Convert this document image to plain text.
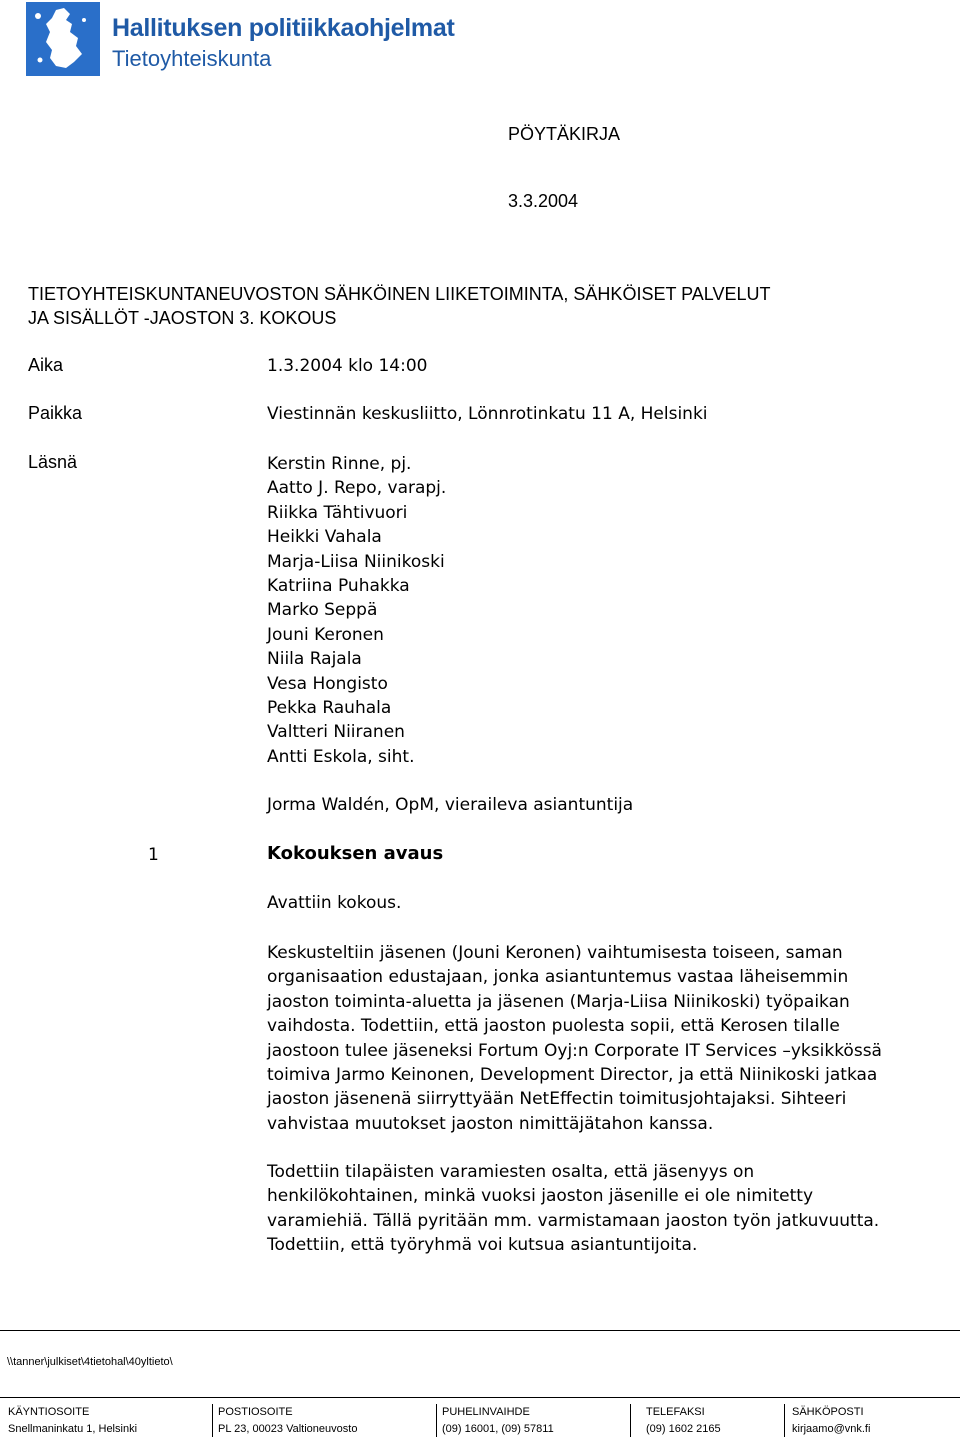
Hallituksen politiikkaohjelmat
Tietoyhteiskunta
PÖYTÄKIRJA
3.3.2004
TIETOYHTEISKUNTANEUVOSTON SÄHKÖINEN LIIKETOIMINTA, SÄHKÖISET PALVELUT
JA SISÄLLÖT -JAOSTON 3. KOKOUS
Aika	1.3.2004 klo 14:00
Paikka	Viestinnän keskusliitto, Lönnrotinkatu 11 A, Helsinki
Läsnä	Kerstin Rinne, pj.
Aatto J. Repo, varapj.
Riikka Tähtivuori
Heikki Vahala
Marja-Liisa Niinikoski
Katriina Puhakka
Marko Seppä
Jouni Keronen
Niila Rajala
Vesa Hongisto
Pekka Rauhala
Valtteri Niiranen
Antti Eskola, siht.
Jorma Waldén, OpM, vieraileva asiantuntija
1	Kokouksen avaus
Avattiin kokous.
Keskusteltiin jäsenen (Jouni Keronen) vaihtumisesta toiseen, saman
organisaation edustajaan, jonka asiantuntemus vastaa läheisemmin
jaoston toiminta-aluetta ja jäsenen (Marja-Liisa Niinikoski) työpaikan
vaihdosta. Todettiin, että jaoston puolesta sopii, että Kerosen tilalle
jaostoon tulee jäseneksi Fortum Oyj:n Corporate IT Services –yksikkössä
toimiva Jarmo Keinonen, Development Director, ja että Niinikoski jatkaa
jaoston jäsenenä siirryttyään NetEffectin toimitusjohtajaksi. Sihteeri
vahvistaa muutokset jaoston nimittäjätahon kanssa.
Todettiin tilapäisten varamiesten osalta, että jäsenyys on
henkilökohtainen, minkä vuoksi jaoston jäsenille ei ole nimitetty
varamiehiä. Tällä pyritään mm. varmistamaan jaoston työn jatkuvuutta.
Todettiin, että työryhmä voi kutsua asiantuntijoita.
\\tanner\julkiset\4tietohal\40yltieto\
KÄYNTIOSOITE
Snellmaninkatu 1, Helsinki
POSTIOSOITE
PL 23, 00023 Valtioneuvosto
PUHELINVAIHDE
(09) 16001, (09) 57811
TELEFAKSI
(09) 1602 2165
SÄHKÖPOSTI
kirjaamo@vnk.fi
